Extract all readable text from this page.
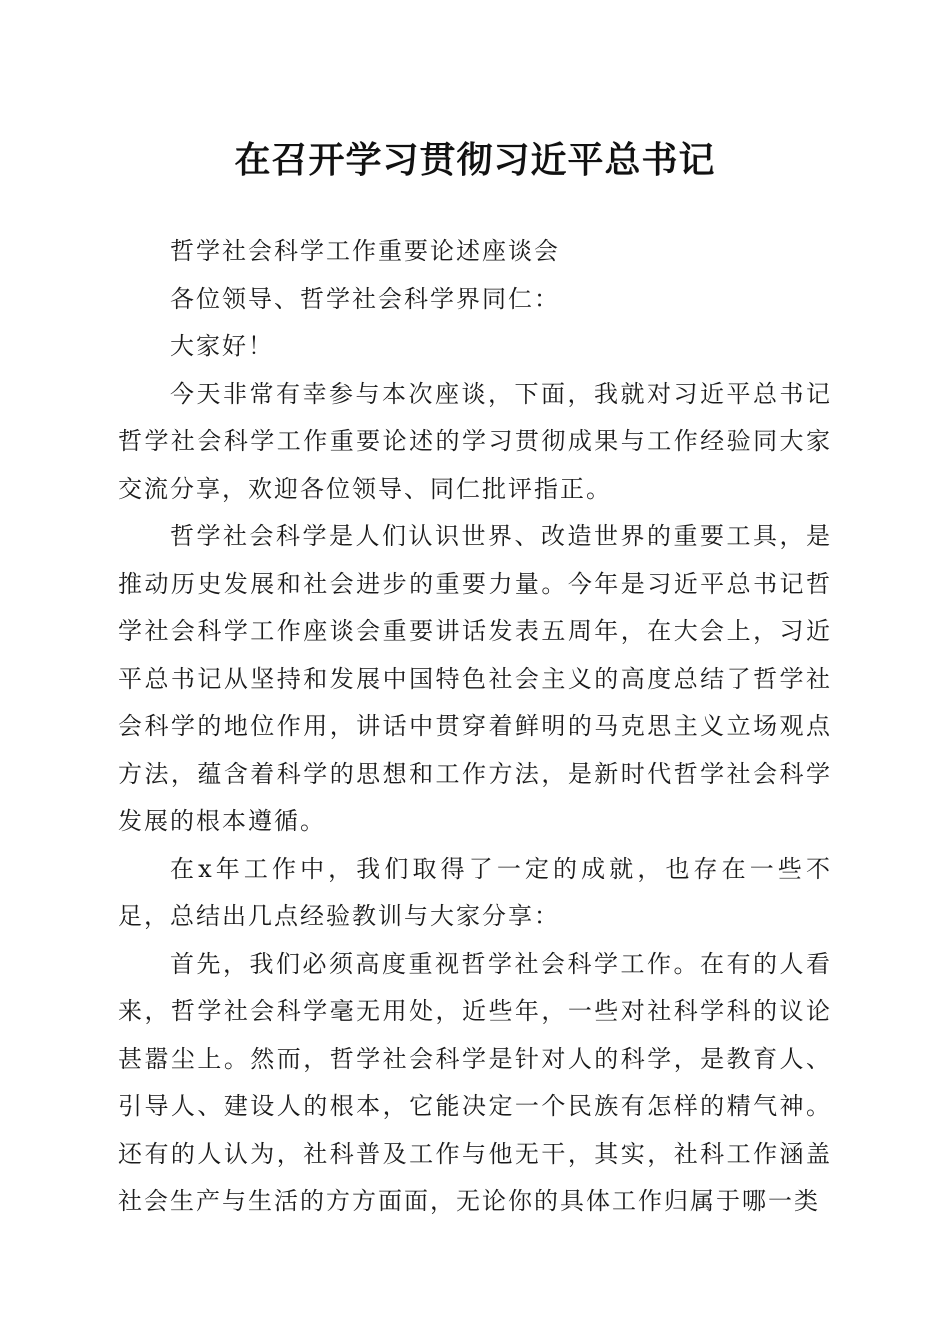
在召开学习贯彻习近平总书记

哲学社会科学工作重要论述座谈会

各位领导、哲学社会科学界同仁：

大家好！

今天非常有幸参与本次座谈，下面，我就对习近平总书记哲学社会科学工作重要论述的学习贯彻成果与工作经验同大家交流分享，欢迎各位领导、同仁批评指正。

哲学社会科学是人们认识世界、改造世界的重要工具，是推动历史发展和社会进步的重要力量。今年是习近平总书记哲学社会科学工作座谈会重要讲话发表五周年，在大会上，习近平总书记从坚持和发展中国特色社会主义的高度总结了哲学社会科学的地位作用，讲话中贯穿着鲜明的马克思主义立场观点方法，蕴含着科学的思想和工作方法，是新时代哲学社会科学发展的根本遵循。

在x年工作中，我们取得了一定的成就，也存在一些不足，总结出几点经验教训与大家分享：

首先，我们必须高度重视哲学社会科学工作。在有的人看来，哲学社会科学毫无用处，近些年，一些对社科学科的议论甚嚣尘上。然而，哲学社会科学是针对人的科学，是教育人、引导人、建设人的根本，它能决定一个民族有怎样的精气神。还有的人认为，社科普及工作与他无干，其实，社科工作涵盖社会生产与生活的方方面面，无论你的具体工作归属于哪一类
